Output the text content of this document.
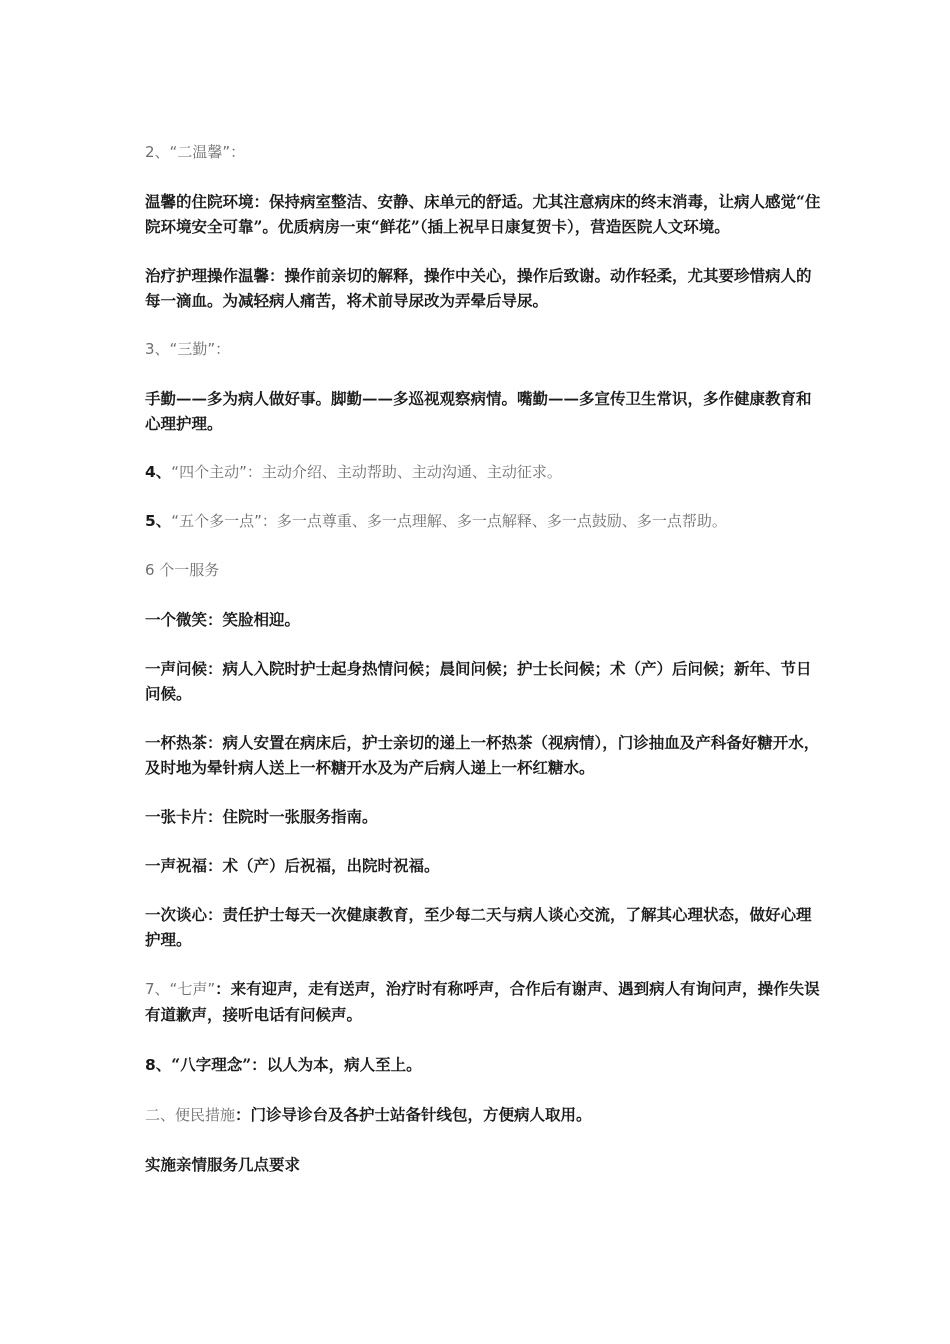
2、“二温馨”：

温馨的住院环境：保持病室整洁、安静、床单元的舒适。尤其注意病床的终末消毒，让病人感觉“住院环境安全可靠”。优质病房一束“鲜花”（插上祝早日康复贺卡），营造医院人文环境。

治疗护理操作温馨：操作前亲切的解释，操作中关心，操作后致谢。动作轻柔，尤其要珍惜病人的每一滴血。为减轻病人痛苦，将术前导尿改为弄晕后导尿。

3、“三勤”：

手勤——多为病人做好事。脚勤——多巡视观察病情。嘴勤——多宣传卫生常识，多作健康教育和心理护理。

4、“四个主动”：主动介绍、主动帮助、主动沟通、主动征求。

5、“五个多一点”：多一点尊重、多一点理解、多一点解释、多一点鼓励、多一点帮助。

6 个一服务

一个微笑：笑脸相迎。

一声问候：病人入院时护士起身热情问候；晨间问候；护士长问候；术（产）后问候；新年、节日问候。

一杯热茶：病人安置在病床后，护士亲切的递上一杯热茶（视病情），门诊抽血及产科备好糖开水，及时地为晕针病人送上一杯糖开水及为产后病人递上一杯红糖水。

一张卡片：住院时一张服务指南。

一声祝福：术（产）后祝福，出院时祝福。

一次谈心：责任护士每天一次健康教育，至少每二天与病人谈心交流，了解其心理状态，做好心理护理。

7、“七声”：来有迎声，走有送声，治疗时有称呼声，合作后有谢声、遇到病人有询问声，操作失误有道歉声，接听电话有问候声。

8、“八字理念”：以人为本，病人至上。

二、便民措施：门诊导诊台及各护士站备针线包，方便病人取用。

实施亲情服务几点要求
